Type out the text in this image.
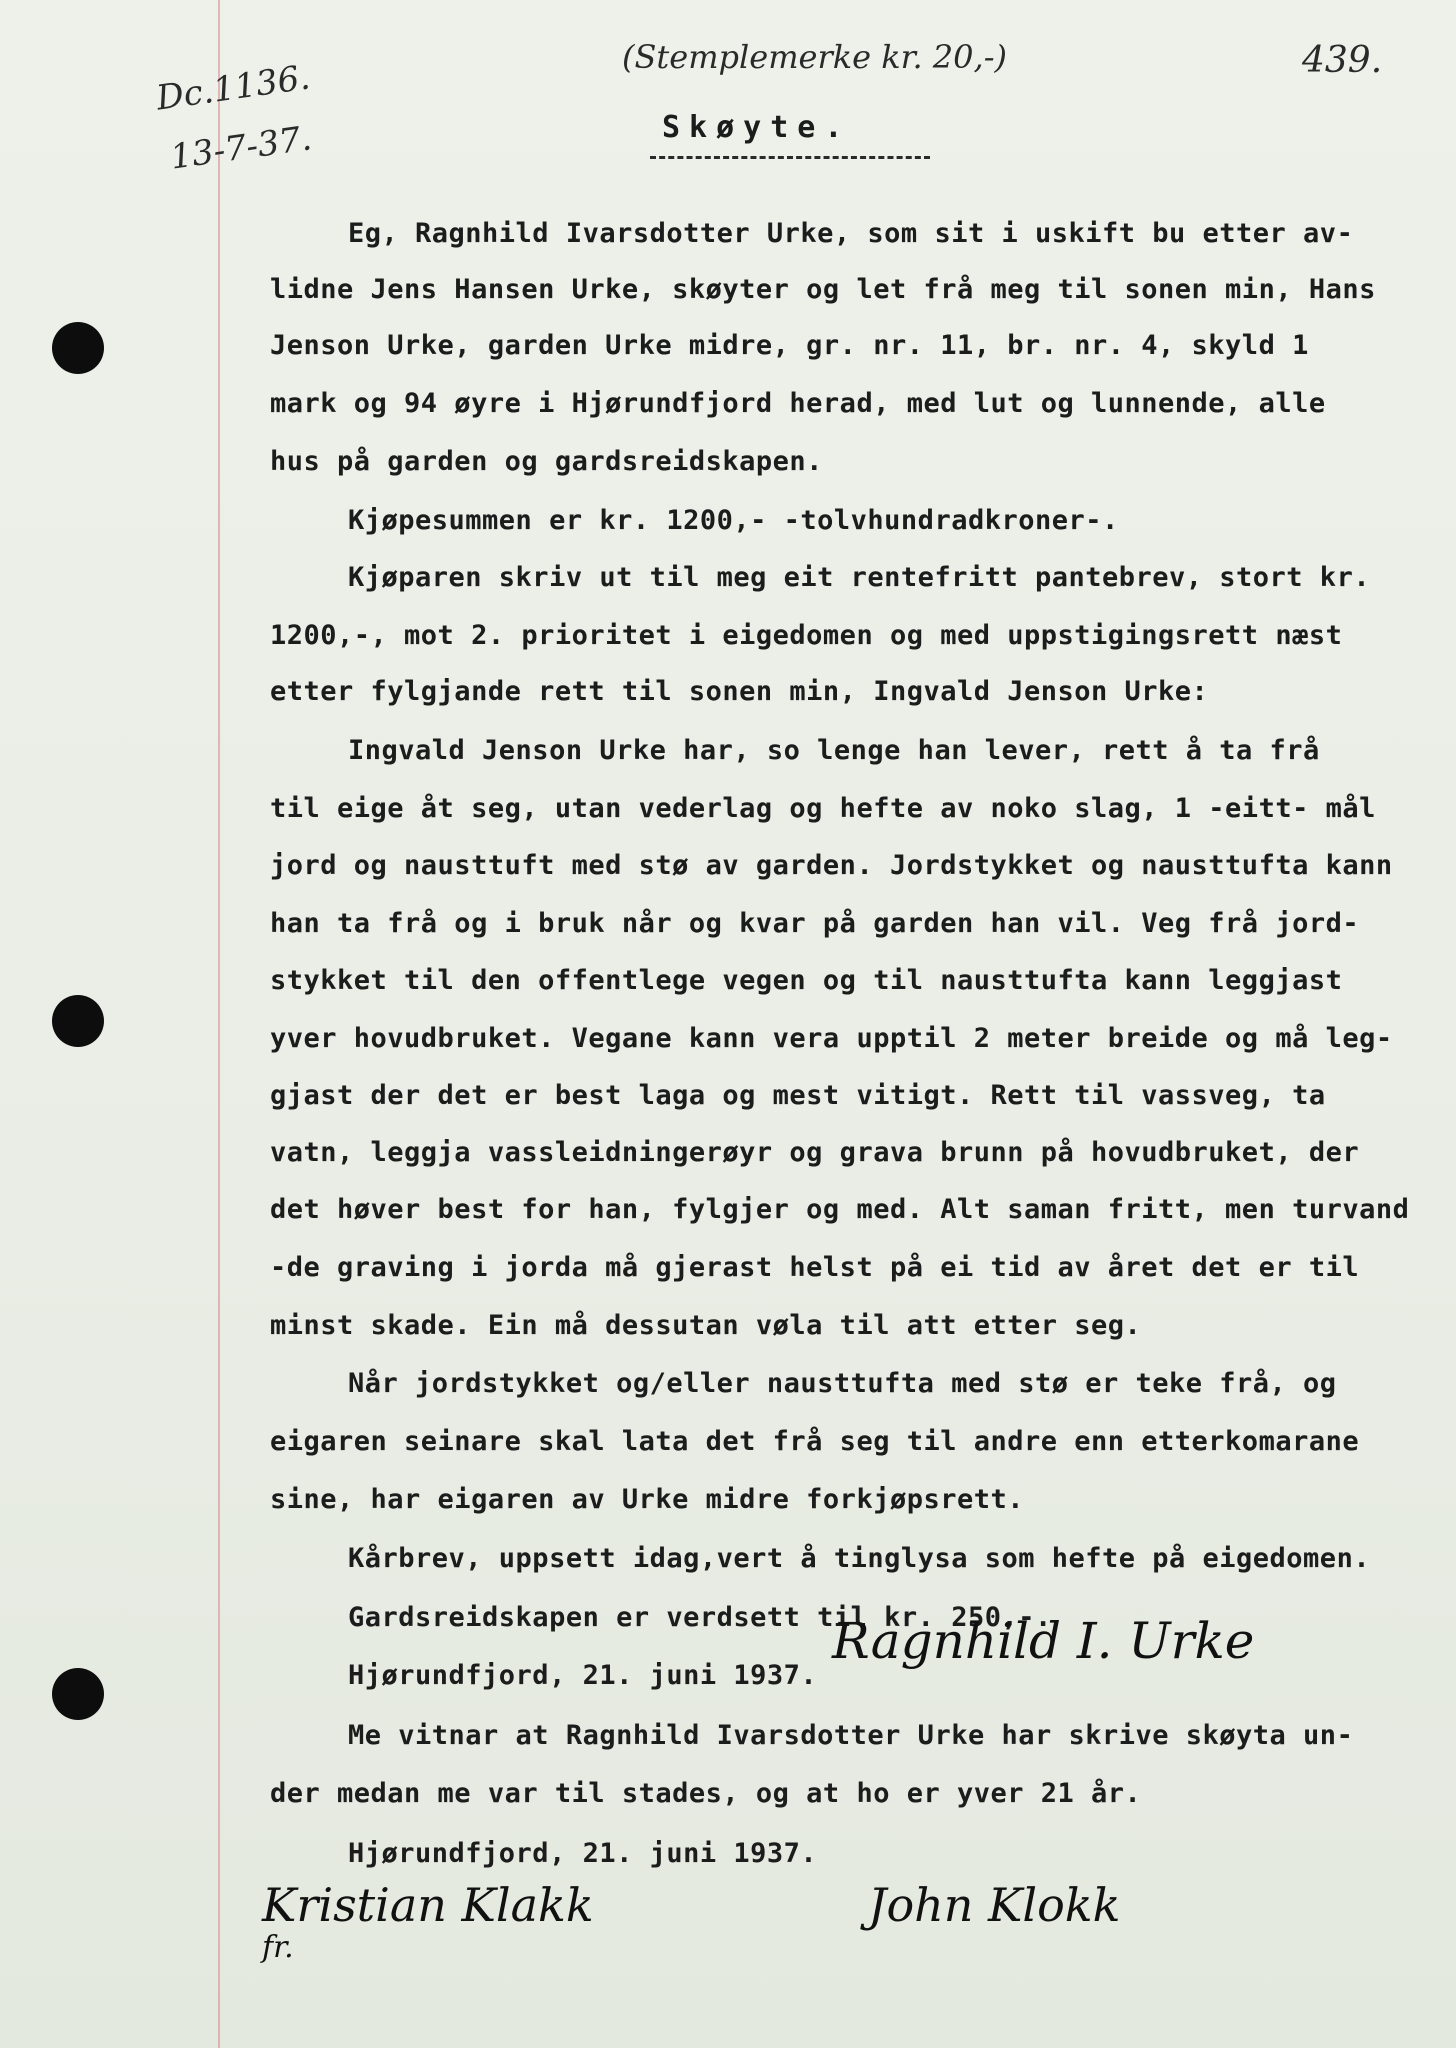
Dc.1136.
13-7-37.
(Stemplemerke kr. 20,-)	439.
Skøyte.
Eg, Ragnhild Ivarsdotter Urke, som sit i uskift bu etter av-
lidne Jens Hansen Urke, skøyter og let frå meg til sonen min, Hans
Jenson Urke, garden Urke midre, gr. nr. 11, br. nr. 4, skyld 1
mark og 94 øyre i Hjørundfjord herad, med lut og lunnende, alle
hus på garden og gardsreidskapen.
Kjøpesummen er kr. 1200,- -tolvhundradkroner-.
Kjøparen skriv ut til meg eit rentefritt pantebrev, stort kr.
1200,-, mot 2. prioritet i eigedomen og med uppstigingsrett næst
etter fylgjande rett til sonen min, Ingvald Jenson Urke:
Ingvald Jenson Urke har, so lenge han lever, rett å ta frå
til eige åt seg, utan vederlag og hefte av noko slag, 1 -eitt- mål
jord og nausttuft med stø av garden. Jordstykket og nausttufta kann
han ta frå og i bruk når og kvar på garden han vil. Veg frå jord-
stykket til den offentlege vegen og til nausttufta kann leggjast
yver hovudbruket. Vegane kann vera upptil 2 meter breide og må leg-
gjast der det er best laga og mest vitigt. Rett til vassveg, ta
vatn, leggja vassleidningerøyr og grava brunn på hovudbruket, der
det høver best for han, fylgjer og med. Alt saman fritt, men turvand
-de graving i jorda må gjerast helst på ei tid av året det er til
minst skade. Ein må dessutan vøla til att etter seg.
Når jordstykket og/eller nausttufta med stø er teke frå, og
eigaren seinare skal lata det frå seg til andre enn etterkomarane
sine, har eigaren av Urke midre forkjøpsrett.
Kårbrev, uppsett idag,vert å tinglysa som hefte på eigedomen.
Gardsreidskapen er verdsett til kr. 250,-.
Hjørundfjord, 21. juni 1937.
Me vitnar at Ragnhild Ivarsdotter Urke har skrive skøyta un-
der medan me var til stades, og at ho er yver 21 år.
Hjørundfjord, 21. juni 1937.
Ragnhild I. Urke
Kristian Klakk
fr.
John Klokk
